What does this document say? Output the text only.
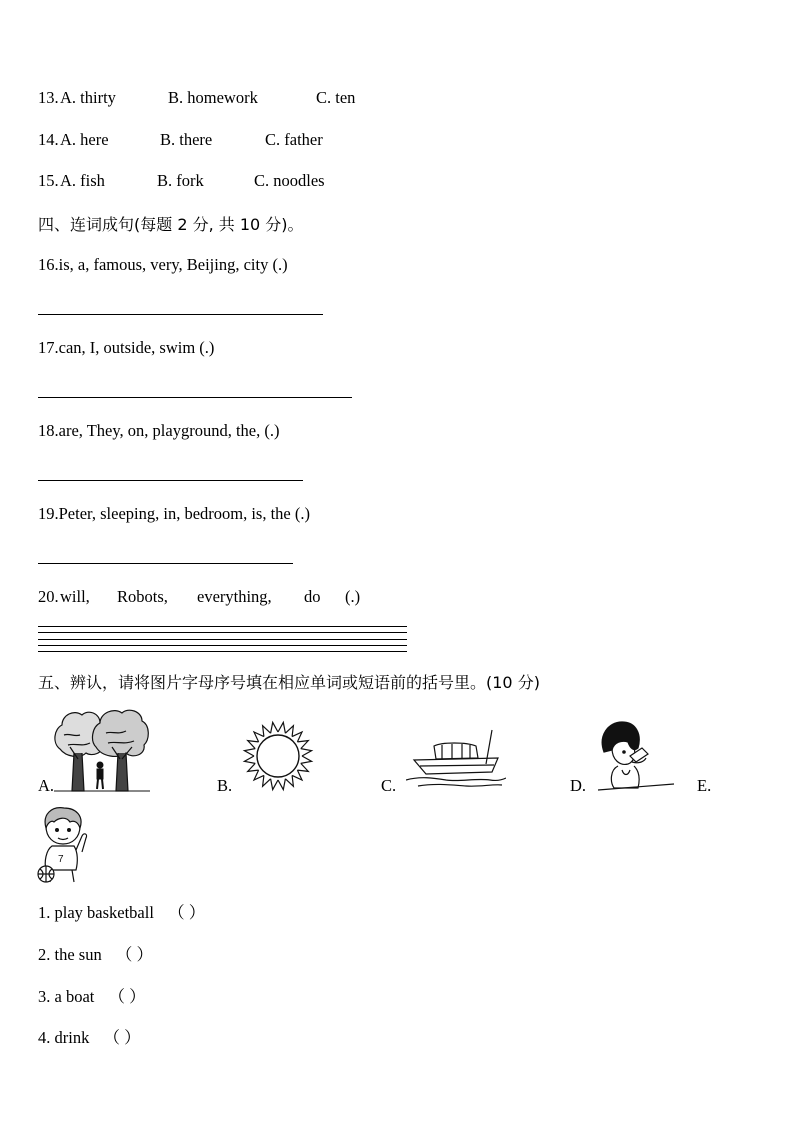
13. A. thirty	B. homework	C. ten
14. A. here	B. there	C. father
15. A. fish	B. fork	C. noodles
四、连词成句(每题 2 分, 共 10 分)。
16.is, a, famous, very, Beijing, city (.)
17.can, I, outside, swim (.)
18.are, They, on, playground, the, (.)
19.Peter, sleeping, in, bedroom, is, the (.)
20. will, Robots, everything, do (.)
五、辨认，请将图片字母序号填在相应单词或短语前的括号里。(10 分)
A.	B.	C.	D.	E.
7
1. play basketball （ ）
2. the sun （ ）
3. a boat （ ）
4. drink （ ）
